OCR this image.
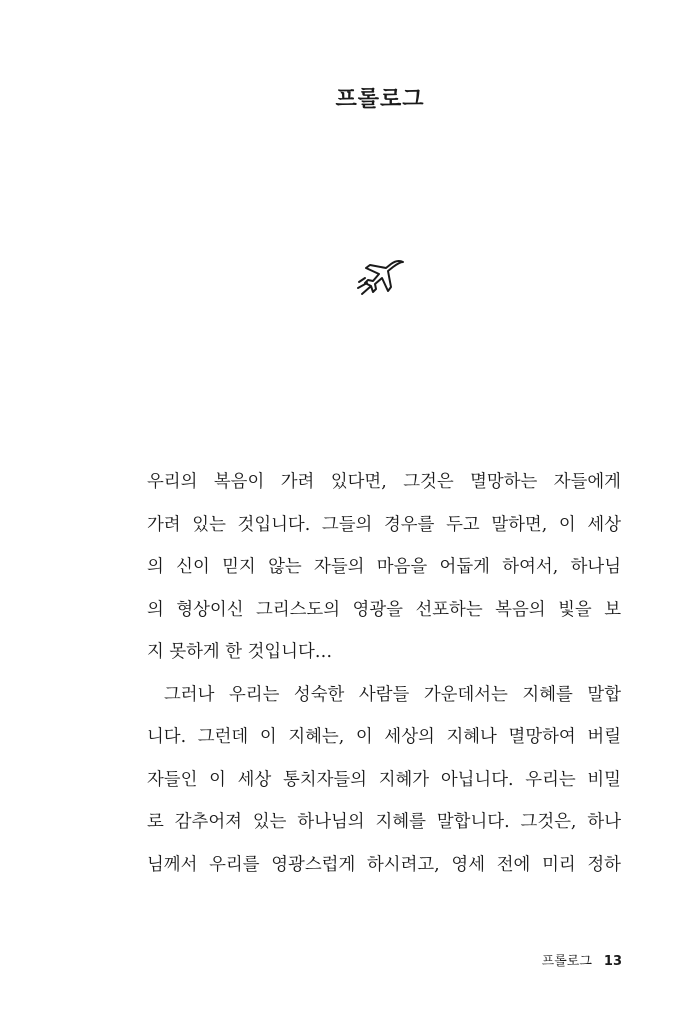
프롤로그
우리의 복음이 가려 있다면, 그것은 멸망하는 자들에게
가려 있는 것입니다. 그들의 경우를 두고 말하면, 이 세상
의 신이 믿지 않는 자들의 마음을 어둡게 하여서, 하나님
의 형상이신 그리스도의 영광을 선포하는 복음의 빛을 보
지 못하게 한 것입니다…
그러나 우리는 성숙한 사람들 가운데서는 지혜를 말합
니다. 그런데 이 지혜는, 이 세상의 지혜나 멸망하여 버릴
자들인 이 세상 통치자들의 지혜가 아닙니다. 우리는 비밀
로 감추어져 있는 하나님의 지혜를 말합니다. 그것은, 하나
님께서 우리를 영광스럽게 하시려고, 영세 전에 미리 정하
프롤로그 13
